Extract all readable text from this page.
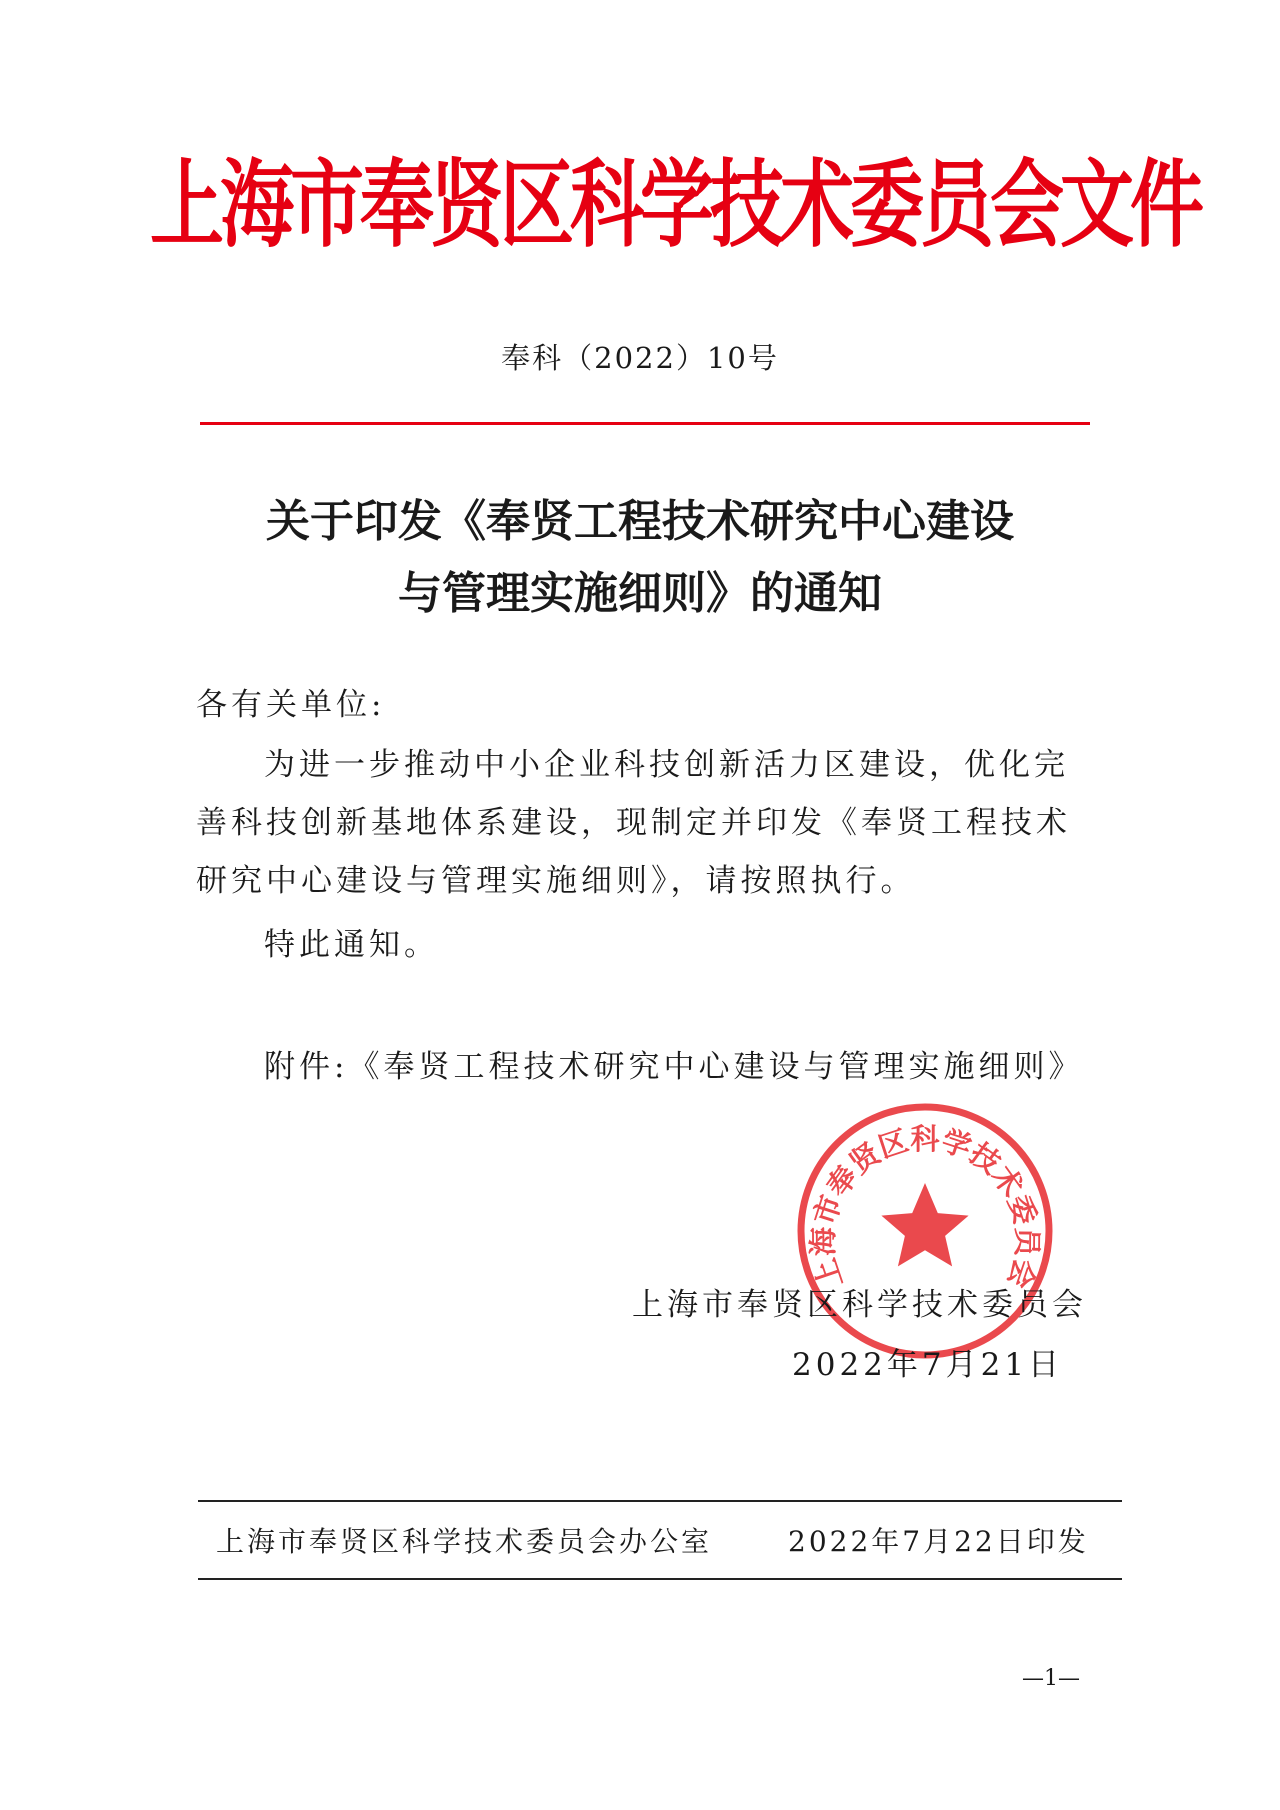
上海市奉贤区科学技术委员会文件
奉科（2022）10号
关于印发《奉贤工程技术研究中心建设
与管理实施细则》的通知
各有关单位:
为进一步推动中小企业科技创新活力区建设，优化完善科技创新基地体系建设，现制定并印发《奉贤工程技术研究中心建设与管理实施细则》，请按照执行。
特此通知。
附件:《奉贤工程技术研究中心建设与管理实施细则》
上海市奉贤区科学技术委员会
上海市奉贤区科学技术委员会
2022年7月21日
上海市奉贤区科学技术委员会办公室	2022年7月22日印发
—1—
